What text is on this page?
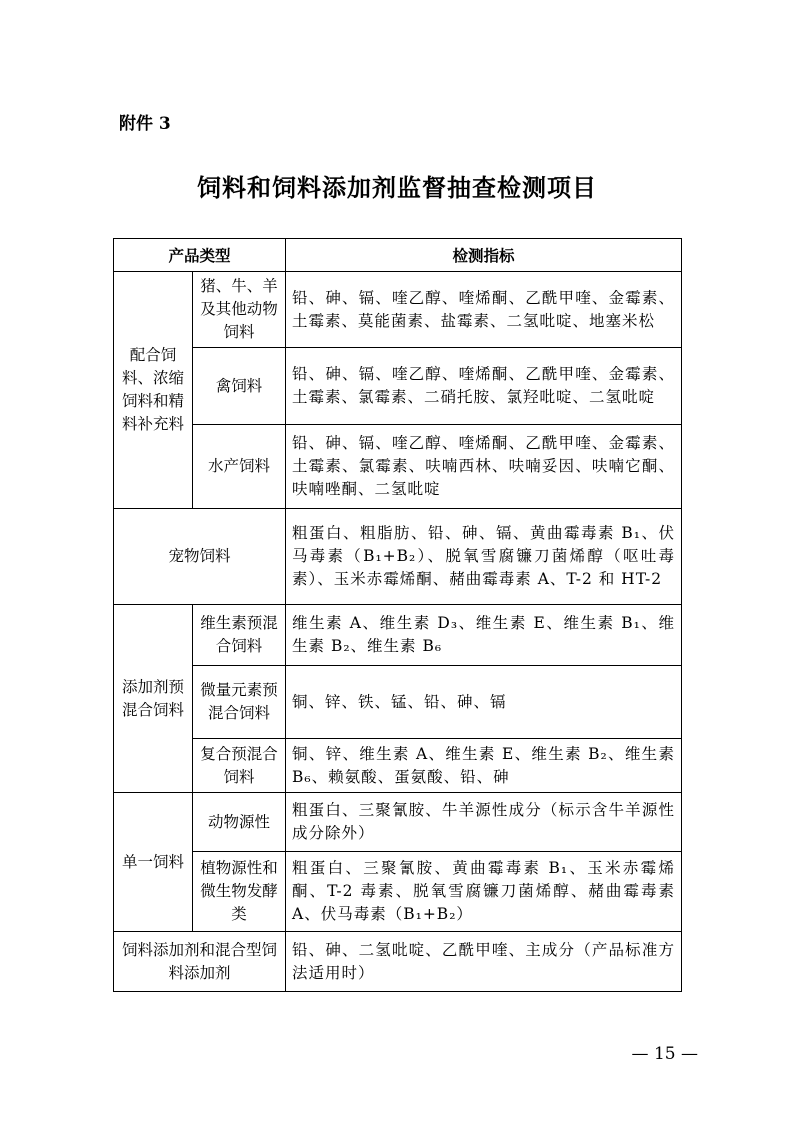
附件 3
饲料和饲料添加剂监督抽查检测项目
产品类型		检测指标
配合饲料、浓缩饲料和精料补充料	猪、牛、羊及其他动物饲料	铅、砷、镉、喹乙醇、喹烯酮、乙酰甲喹、金霉素、土霉素、莫能菌素、盐霉素、二氢吡啶、地塞米松
	禽饲料	铅、砷、镉、喹乙醇、喹烯酮、乙酰甲喹、金霉素、土霉素、氯霉素、二硝托胺、氯羟吡啶、二氢吡啶
	水产饲料	铅、砷、镉、喹乙醇、喹烯酮、乙酰甲喹、金霉素、土霉素、氯霉素、呋喃西林、呋喃妥因、呋喃它酮、呋喃唑酮、二氢吡啶
宠物饲料		粗蛋白、粗脂肪、铅、砷、镉、黄曲霉毒素 B₁、伏马毒素（B₁+B₂）、脱氧雪腐镰刀菌烯醇（呕吐毒素）、玉米赤霉烯酮、赭曲霉毒素 A、T-2 和 HT-2
添加剂预混合饲料	维生素预混合饲料	维生素 A、维生素 D₃、维生素 E、维生素 B₁、维生素 B₂、维生素 B₆
	微量元素预混合饲料	铜、锌、铁、锰、铅、砷、镉
	复合预混合饲料	铜、锌、维生素 A、维生素 E、维生素 B₂、维生素 B₆、赖氨酸、蛋氨酸、铅、砷
单一饲料	动物源性	粗蛋白、三聚氰胺、牛羊源性成分（标示含牛羊源性成分除外）
	植物源性和微生物发酵类	粗蛋白、三聚氰胺、黄曲霉毒素 B₁、玉米赤霉烯酮、T-2 毒素、脱氧雪腐镰刀菌烯醇、赭曲霉毒素 A、伏马毒素（B₁+B₂）
饲料添加剂和混合型饲料添加剂		铅、砷、二氢吡啶、乙酰甲喹、主成分（产品标准方法适用时）
— 15 —
